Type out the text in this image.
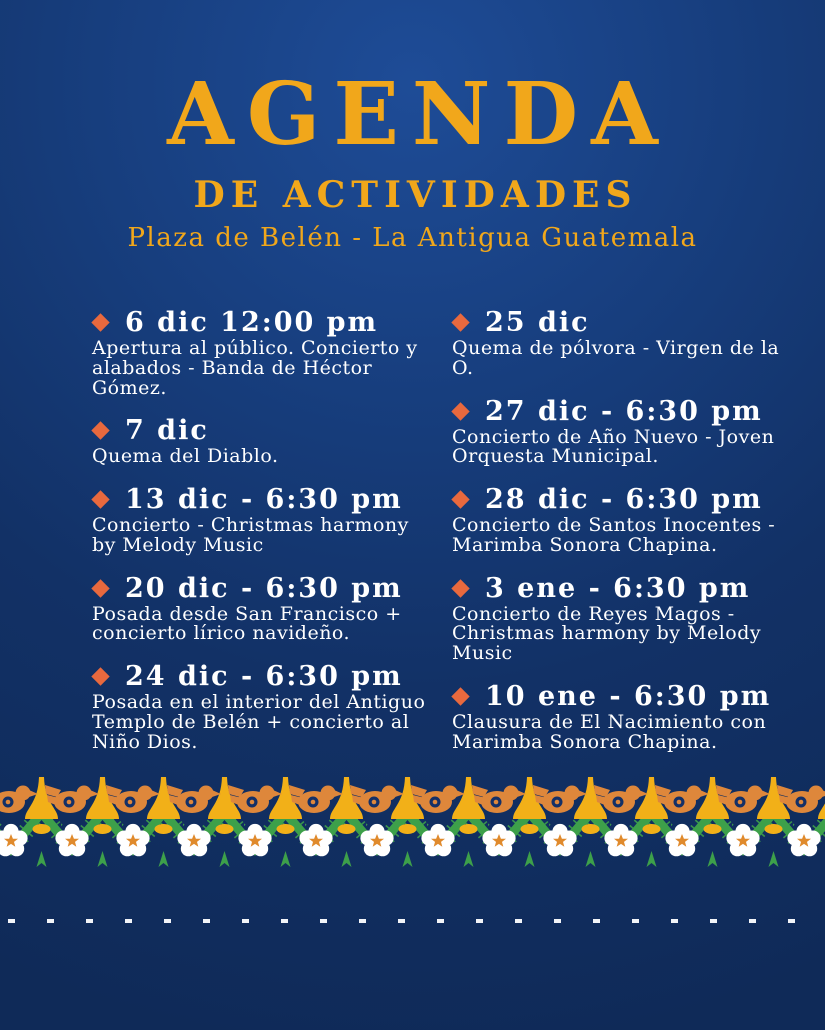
AGENDA
DE ACTIVIDADES
Plaza de Belén - La Antigua Guatemala
6 dic 12:00 pm
Apertura al público. Concierto y alabados - Banda de Héctor Gómez.
7 dic
Quema del Diablo.
13 dic - 6:30 pm
Concierto - Christmas harmony by Melody Music
20 dic - 6:30 pm
Posada desde San Francisco + concierto lírico navideño.
24 dic - 6:30 pm
Posada en el interior del Antiguo Templo de Belén + concierto al Niño Dios.
25 dic
Quema de pólvora - Virgen de la O.
27 dic - 6:30 pm
Concierto de Año Nuevo - Joven Orquesta Municipal.
28 dic - 6:30 pm
Concierto de Santos Inocentes - Marimba Sonora Chapina.
3 ene - 6:30 pm
Concierto de Reyes Magos - Christmas harmony by Melody Music
10 ene - 6:30 pm
Clausura de El Nacimiento con Marimba Sonora Chapina.
